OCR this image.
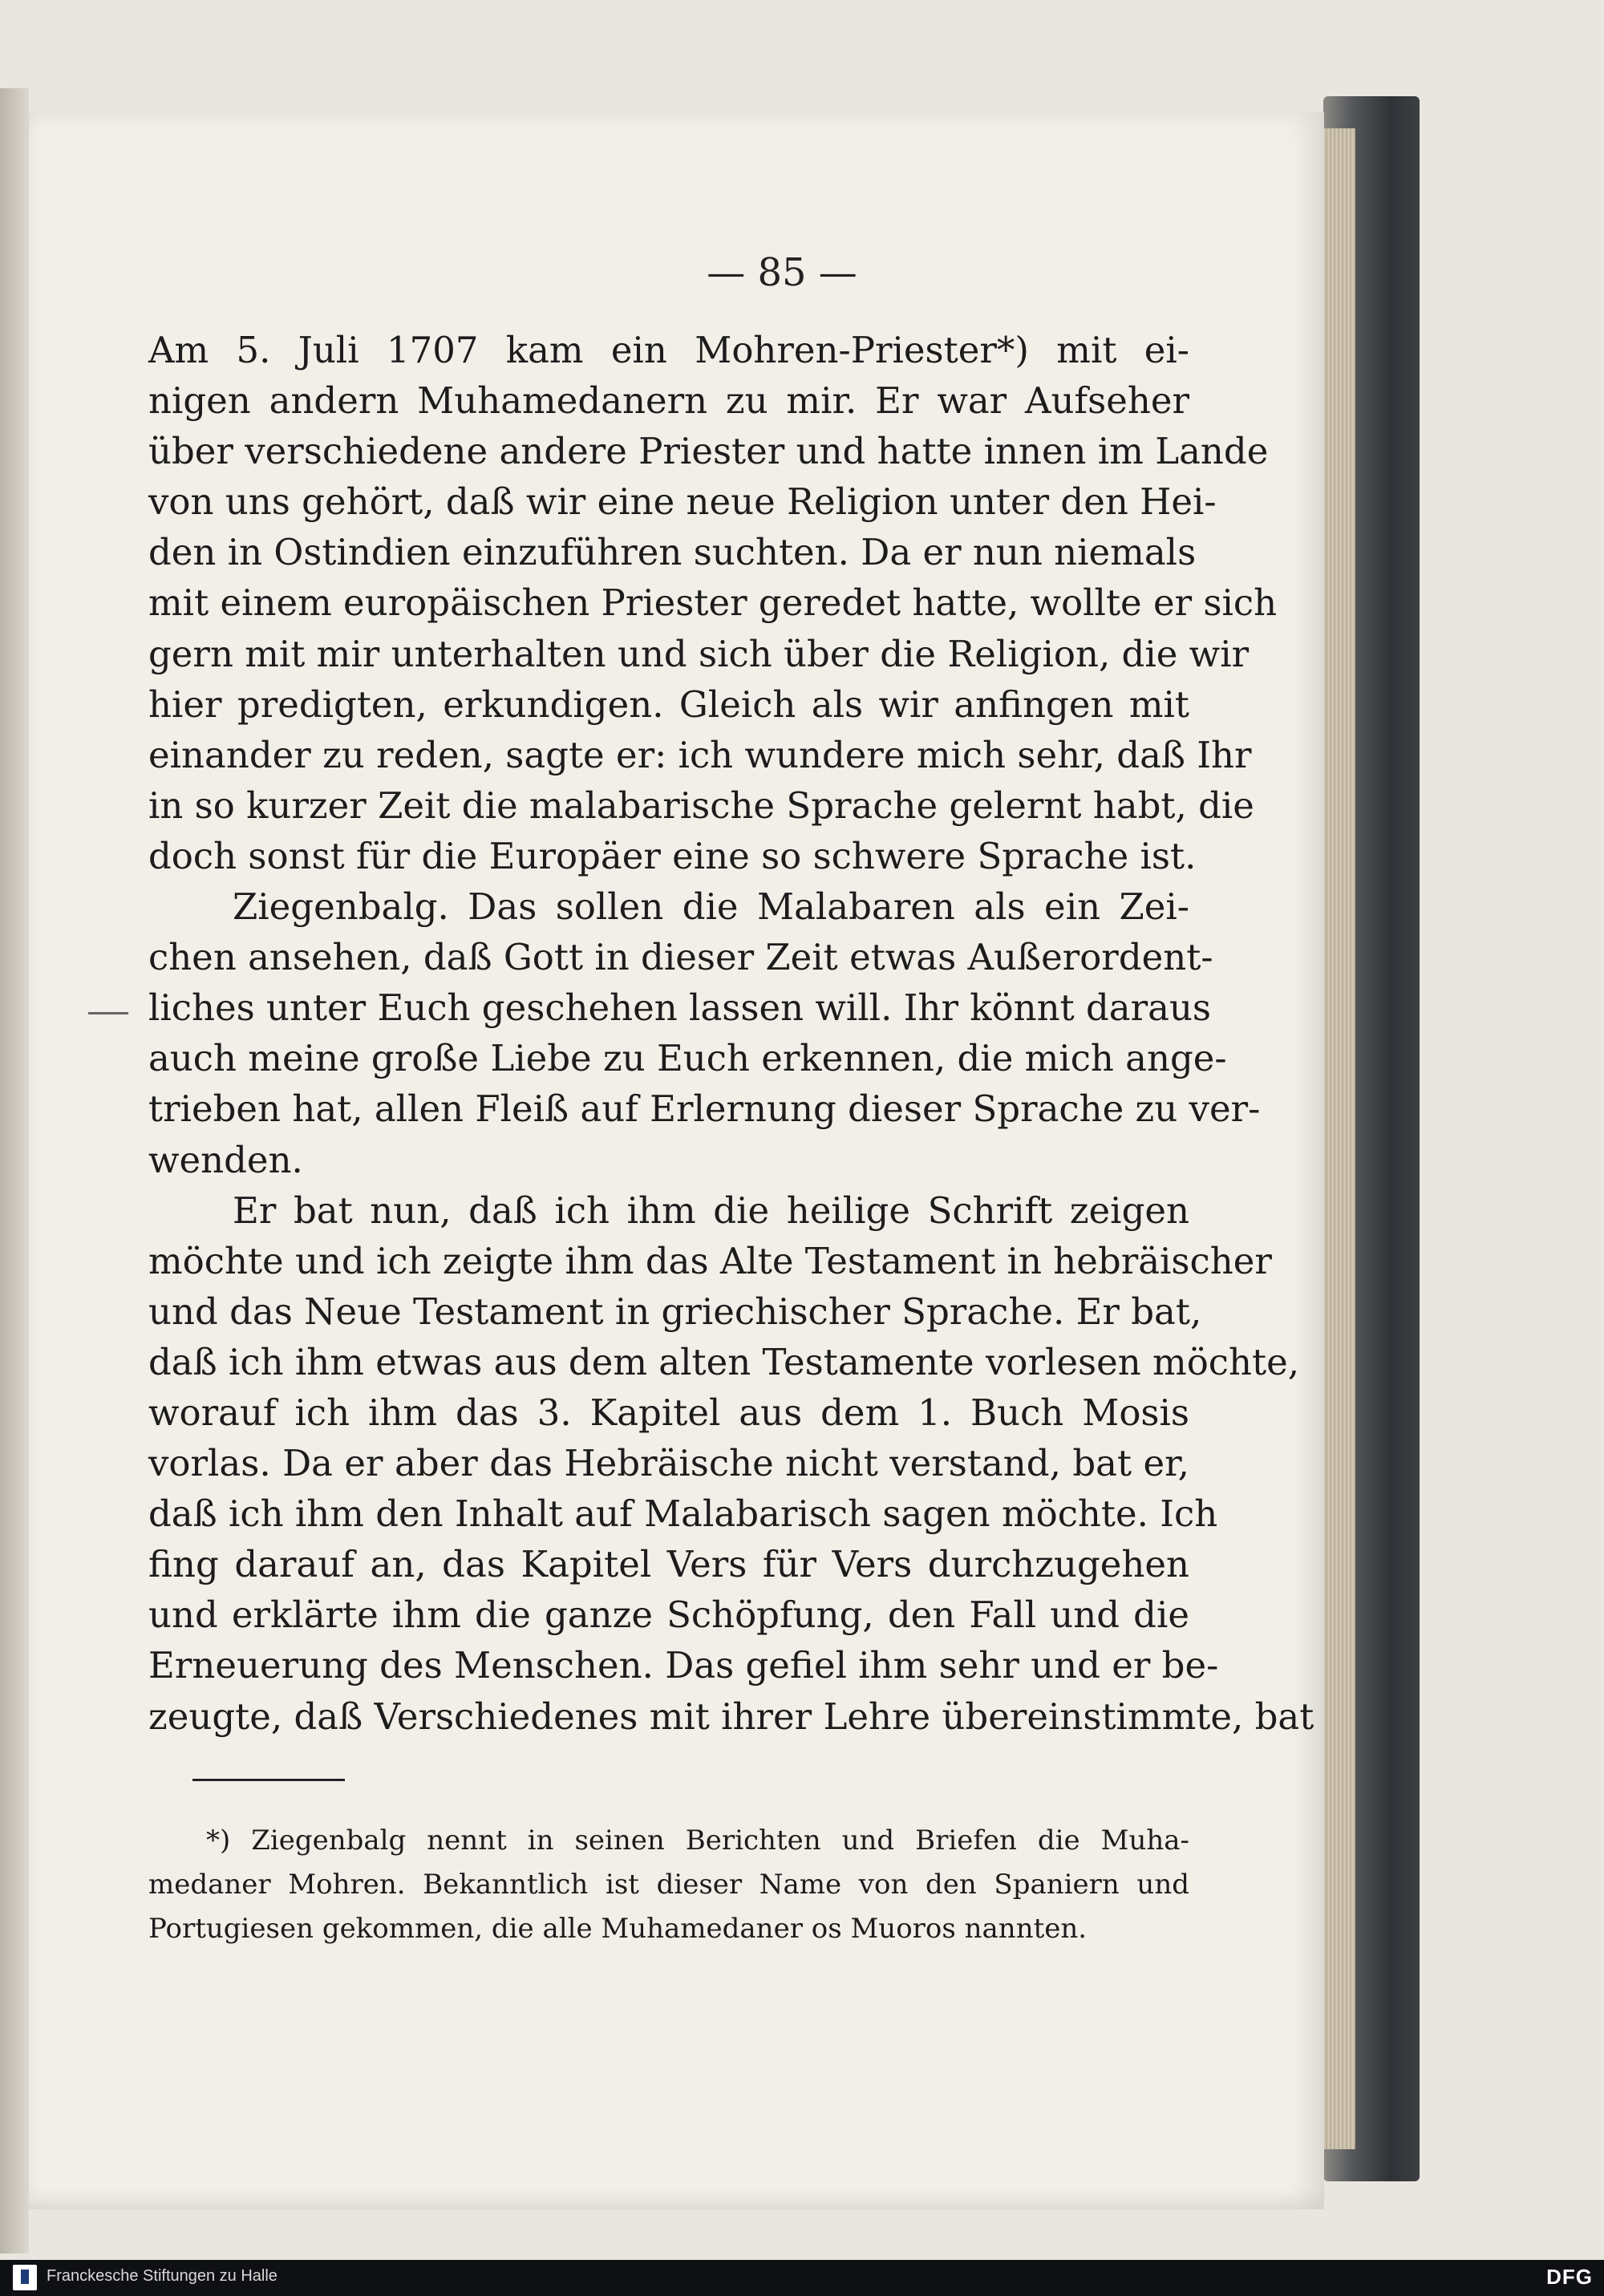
— 85 —
Am 5. Juli 1707 kam ein Mohren-Priester*) mit ei-
nigen andern Muhamedanern zu mir. Er war Aufseher
über verschiedene andere Priester und hatte innen im Lande
von uns gehört, daß wir eine neue Religion unter den Hei-
den in Ostindien einzuführen suchten. Da er nun niemals
mit einem europäischen Priester geredet hatte, wollte er sich
gern mit mir unterhalten und sich über die Religion, die wir
hier predigten, erkundigen. Gleich als wir anfingen mit
einander zu reden, sagte er: ich wundere mich sehr, daß Ihr
in so kurzer Zeit die malabarische Sprache gelernt habt, die
doch sonst für die Europäer eine so schwere Sprache ist.
Ziegenbalg. Das sollen die Malabaren als ein Zei-
chen ansehen, daß Gott in dieser Zeit etwas Außerordent-
liches unter Euch geschehen lassen will. Ihr könnt daraus
auch meine große Liebe zu Euch erkennen, die mich ange-
trieben hat, allen Fleiß auf Erlernung dieser Sprache zu ver-
wenden.
Er bat nun, daß ich ihm die heilige Schrift zeigen
möchte und ich zeigte ihm das Alte Testament in hebräischer
und das Neue Testament in griechischer Sprache. Er bat,
daß ich ihm etwas aus dem alten Testamente vorlesen möchte,
worauf ich ihm das 3. Kapitel aus dem 1. Buch Mosis
vorlas. Da er aber das Hebräische nicht verstand, bat er,
daß ich ihm den Inhalt auf Malabarisch sagen möchte. Ich
fing darauf an, das Kapitel Vers für Vers durchzugehen
und erklärte ihm die ganze Schöpfung, den Fall und die
Erneuerung des Menschen. Das gefiel ihm sehr und er be-
zeugte, daß Verschiedenes mit ihrer Lehre übereinstimmte, bat
*) Ziegenbalg nennt in seinen Berichten und Briefen die Muha-
medaner Mohren. Bekanntlich ist dieser Name von den Spaniern und
Portugiesen gekommen, die alle Muhamedaner os Muoros nannten.
Franckesche Stiftungen zu Halle	DFG
